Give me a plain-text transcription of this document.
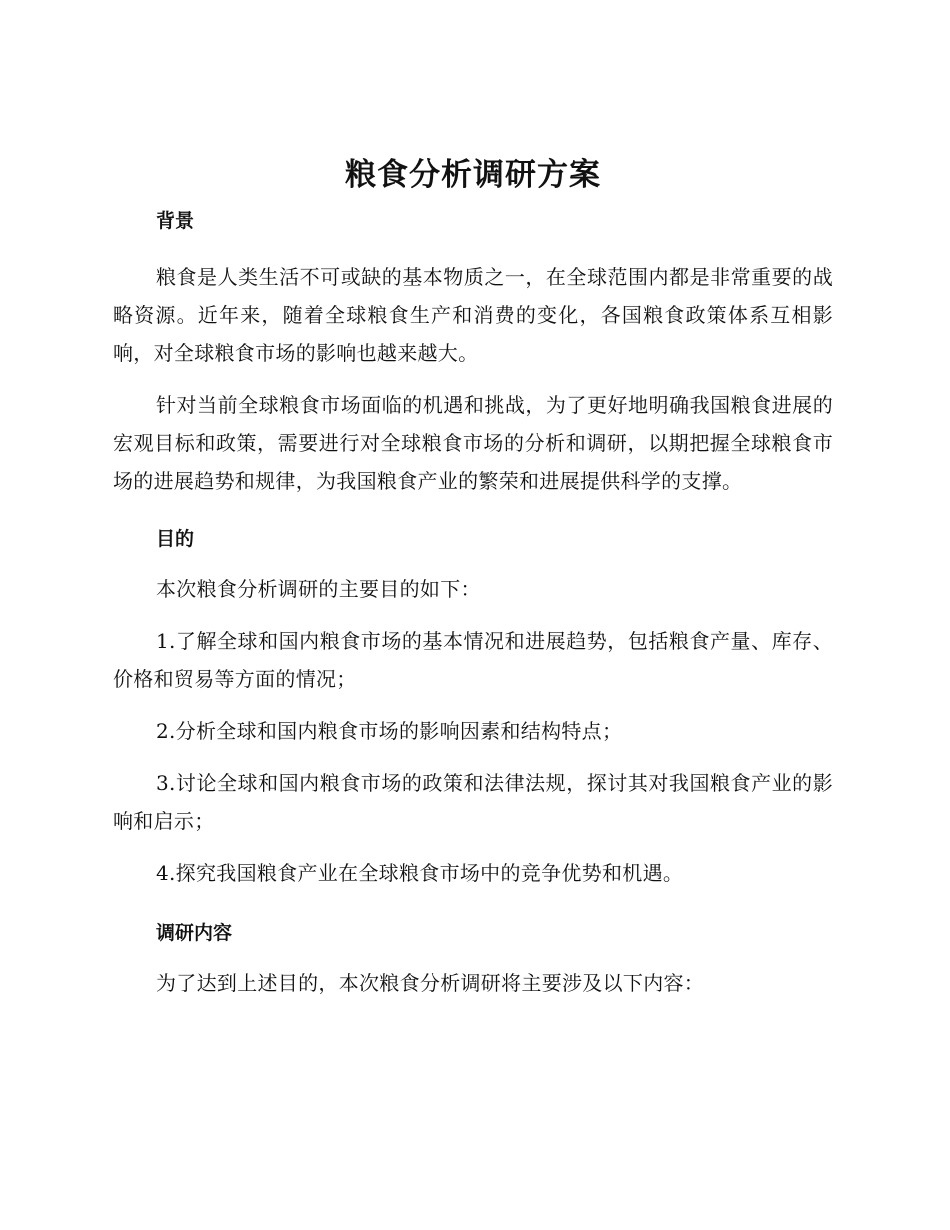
粮食分析调研方案
背景

粮食是人类生活不可或缺的基本物质之一，在全球范围内都是非常重要的战略资源。近年来，随着全球粮食生产和消费的变化，各国粮食政策体系互相影响，对全球粮食市场的影响也越来越大。

针对当前全球粮食市场面临的机遇和挑战，为了更好地明确我国粮食进展的宏观目标和政策，需要进行对全球粮食市场的分析和调研，以期把握全球粮食市场的进展趋势和规律，为我国粮食产业的繁荣和进展提供科学的支撑。

目的

本次粮食分析调研的主要目的如下：

1.了解全球和国内粮食市场的基本情况和进展趋势，包括粮食产量、库存、价格和贸易等方面的情况；

2.分析全球和国内粮食市场的影响因素和结构特点；

3.讨论全球和国内粮食市场的政策和法律法规，探讨其对我国粮食产业的影响和启示；

4.探究我国粮食产业在全球粮食市场中的竞争优势和机遇。

调研内容

为了达到上述目的，本次粮食分析调研将主要涉及以下内容：
